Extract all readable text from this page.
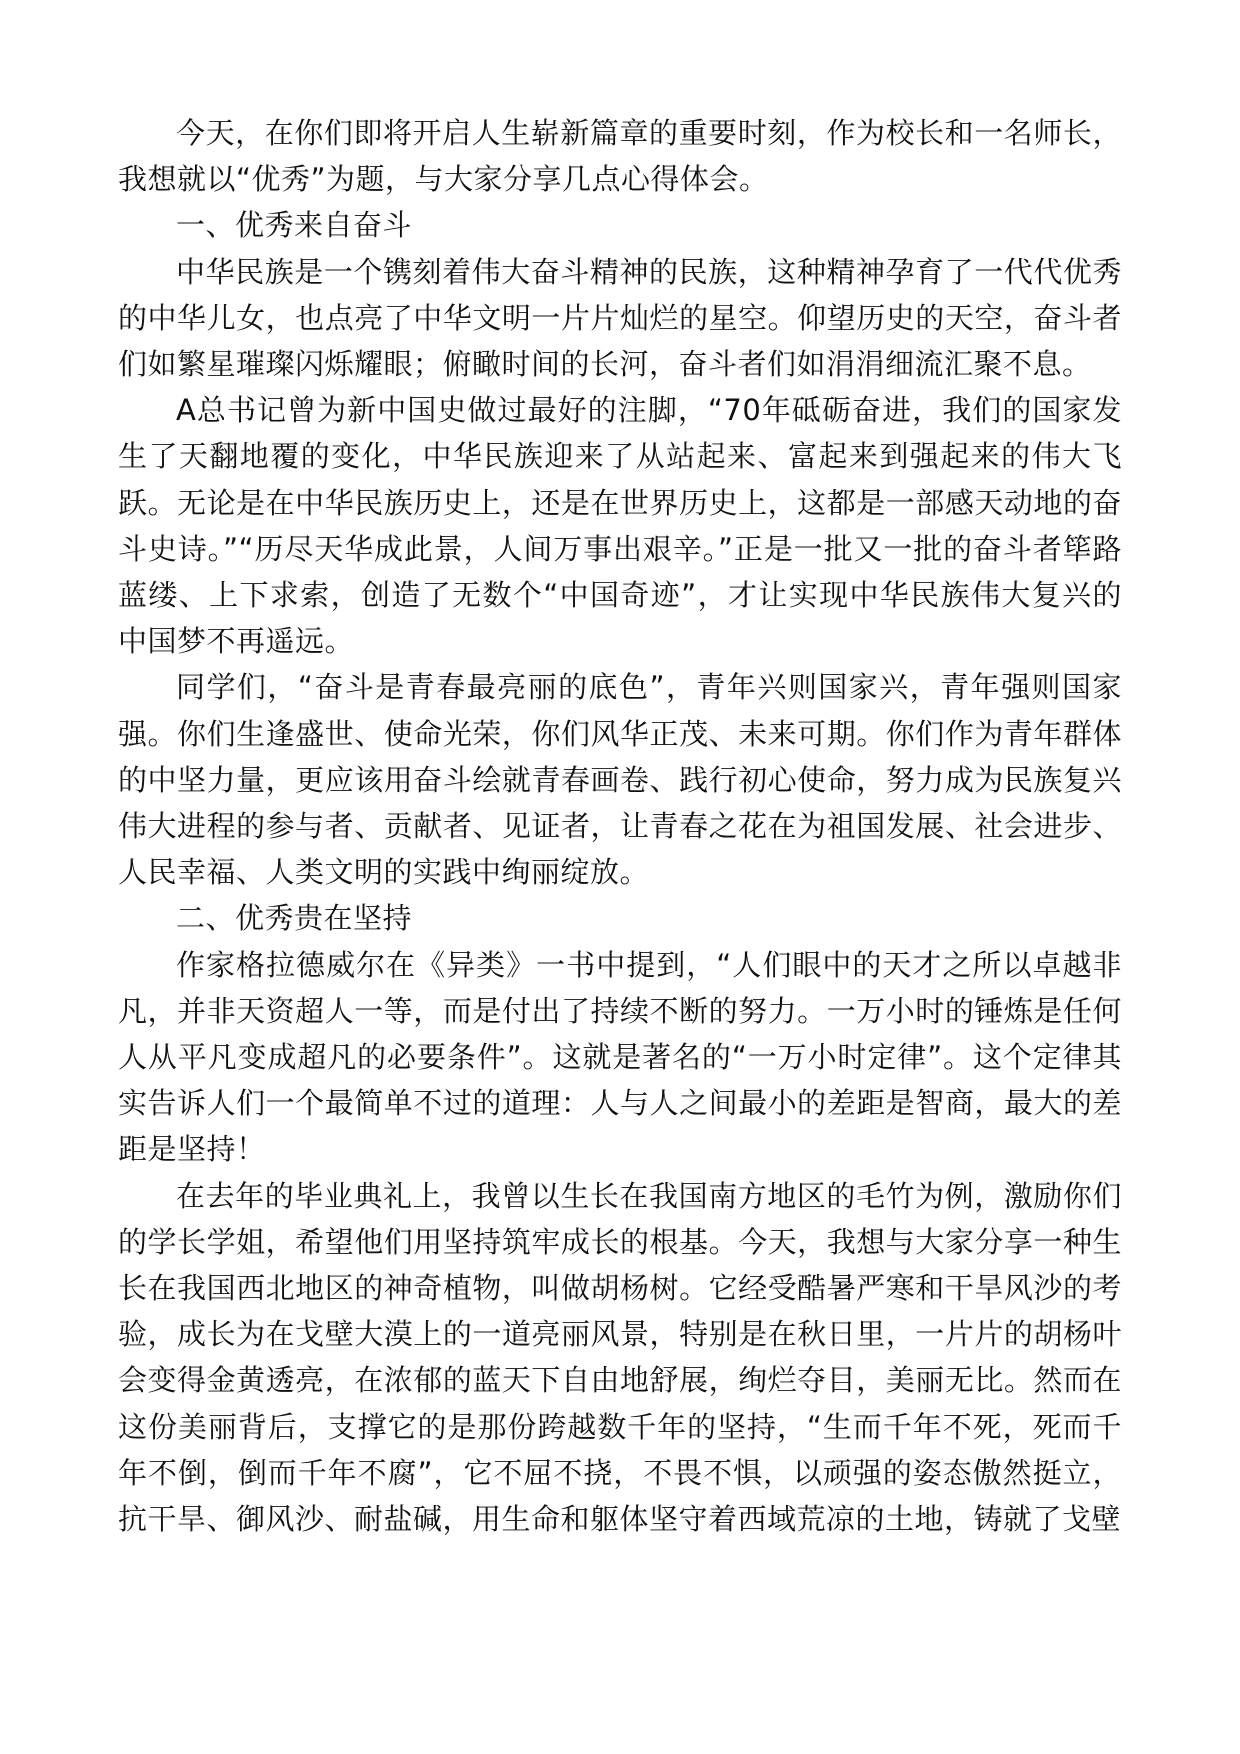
今天，在你们即将开启人生崭新篇章的重要时刻，作为校长和一名师长，我想就以“优秀”为题，与大家分享几点心得体会。

一、优秀来自奋斗

中华民族是一个镌刻着伟大奋斗精神的民族，这种精神孕育了一代代优秀的中华儿女，也点亮了中华文明一片片灿烂的星空。仰望历史的天空，奋斗者们如繁星璀璨闪烁耀眼；俯瞰时间的长河，奋斗者们如涓涓细流汇聚不息。

A总书记曾为新中国史做过最好的注脚，“70年砥砺奋进，我们的国家发生了天翻地覆的变化，中华民族迎来了从站起来、富起来到强起来的伟大飞跃。无论是在中华民族历史上，还是在世界历史上，这都是一部感天动地的奋斗史诗。”“历尽天华成此景，人间万事出艰辛。”正是一批又一批的奋斗者筚路蓝缕、上下求索，创造了无数个“中国奇迹”，才让实现中华民族伟大复兴的中国梦不再遥远。

同学们，“奋斗是青春最亮丽的底色”，青年兴则国家兴，青年强则国家强。你们生逢盛世、使命光荣，你们风华正茂、未来可期。你们作为青年群体的中坚力量，更应该用奋斗绘就青春画卷、践行初心使命，努力成为民族复兴伟大进程的参与者、贡献者、见证者，让青春之花在为祖国发展、社会进步、人民幸福、人类文明的实践中绚丽绽放。

二、优秀贵在坚持

作家格拉德威尔在《异类》一书中提到，“人们眼中的天才之所以卓越非凡，并非天资超人一等，而是付出了持续不断的努力。一万小时的锤炼是任何人从平凡变成超凡的必要条件”。这就是著名的“一万小时定律”。这个定律其实告诉人们一个最简单不过的道理：人与人之间最小的差距是智商，最大的差距是坚持！

在去年的毕业典礼上，我曾以生长在我国南方地区的毛竹为例，激励你们的学长学姐，希望他们用坚持筑牢成长的根基。今天，我想与大家分享一种生长在我国西北地区的神奇植物，叫做胡杨树。它经受酷暑严寒和干旱风沙的考验，成长为在戈壁大漠上的一道亮丽风景，特别是在秋日里，一片片的胡杨叶会变得金黄透亮，在浓郁的蓝天下自由地舒展，绚烂夺目，美丽无比。然而在这份美丽背后，支撑它的是那份跨越数千年的坚持，“生而千年不死，死而千年不倒，倒而千年不腐”，它不屈不挠，不畏不惧，以顽强的姿态傲然挺立，抗干旱、御风沙、耐盐碱，用生命和躯体坚守着西域荒凉的土地，铸就了戈壁
